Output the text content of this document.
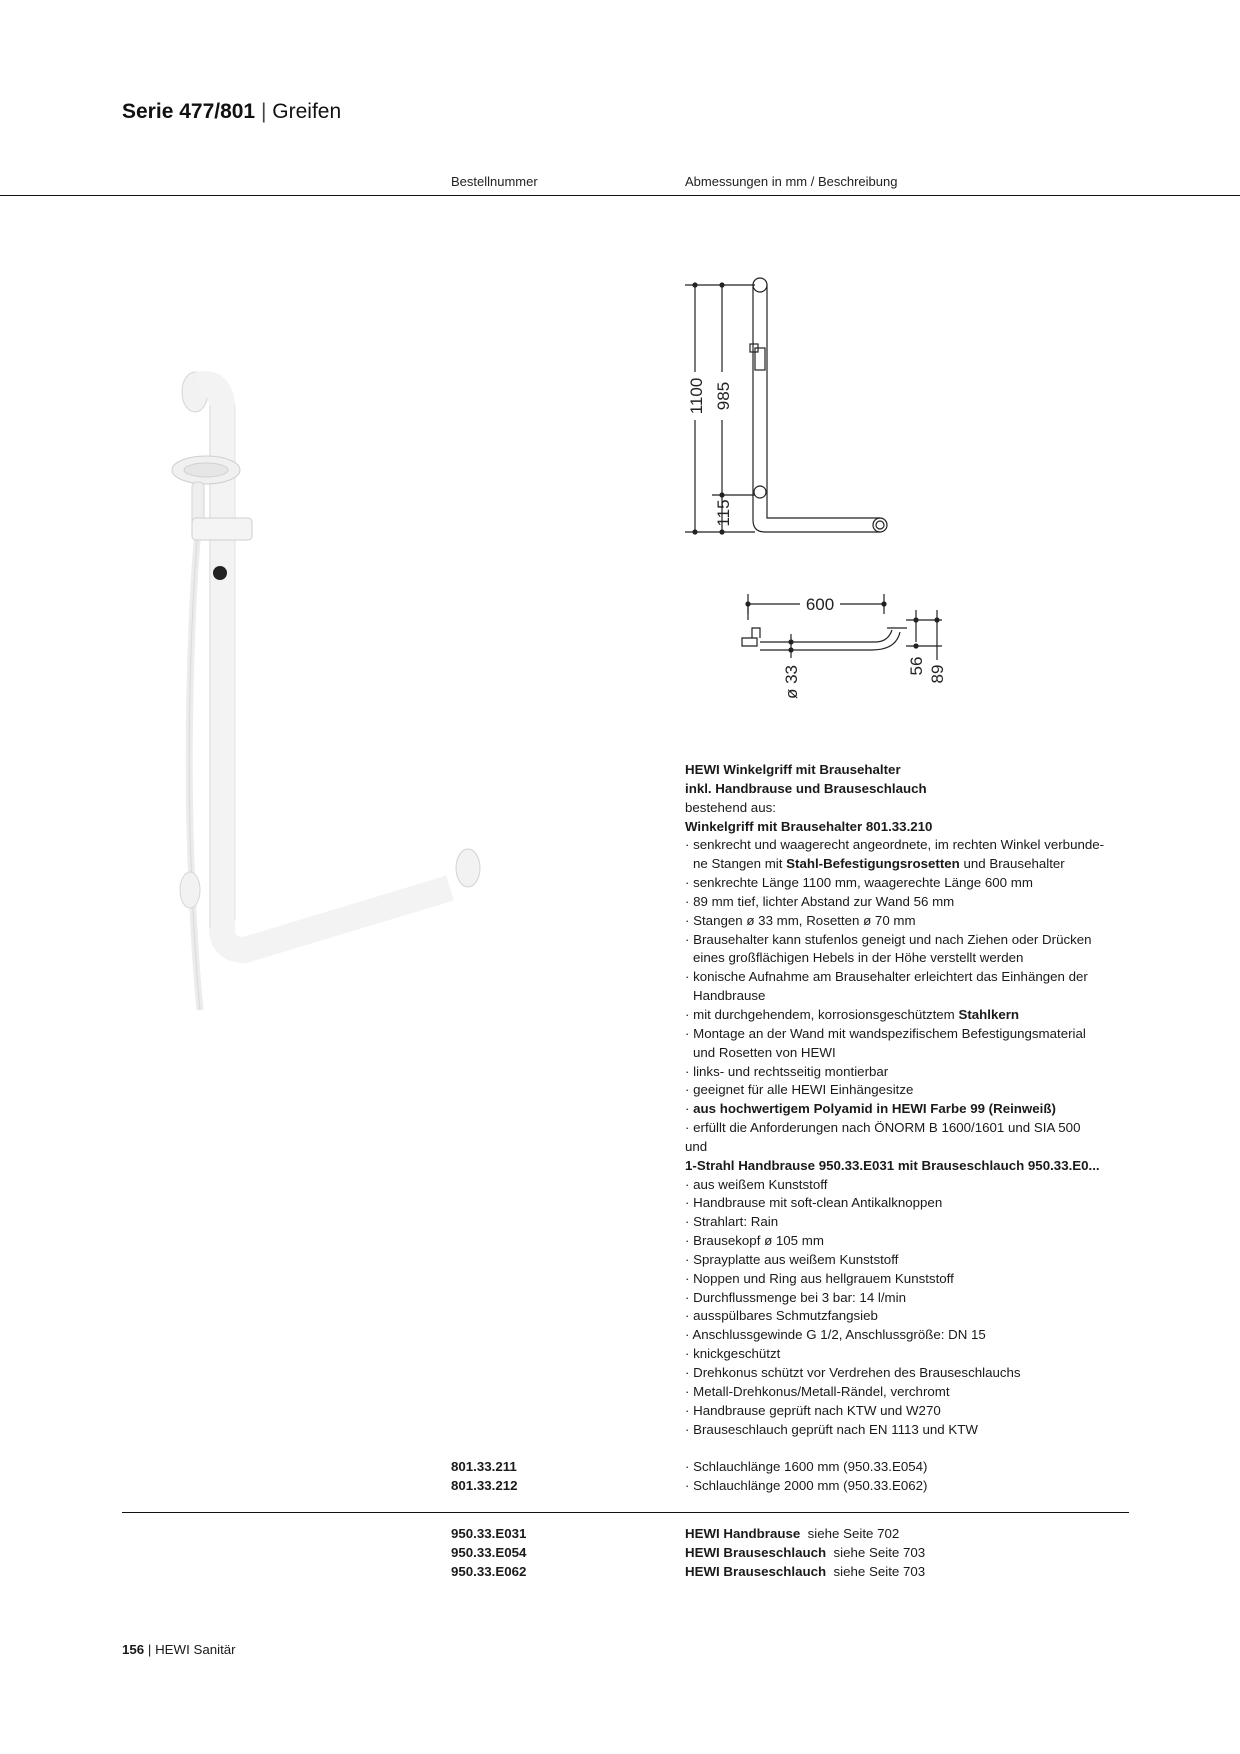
Serie 477/801 | Greifen
Bestellnummer	Abmessungen in mm / Beschreibung
1100 985
115
600
ø 33	56 89
HEWI Winkelgriff mit Brausehalter
inkl. Handbrause und Brauseschlauch
bestehend aus:
Winkelgriff mit Brausehalter 801.33.210
· senkrecht und waagerecht angeordnete, im rechten Winkel verbunde-
ne Stangen mit Stahl-Befestigungsrosetten und Brausehalter
· senkrechte Länge 1100 mm, waagerechte Länge 600 mm
· 89 mm tief, lichter Abstand zur Wand 56 mm
· Stangen ø 33 mm, Rosetten ø 70 mm
· Brausehalter kann stufenlos geneigt und nach Ziehen oder Drücken
eines großflächigen Hebels in der Höhe verstellt werden
· konische Aufnahme am Brausehalter erleichtert das Einhängen der
Handbrause
· mit durchgehendem, korrosionsgeschütztem Stahlkern
· Montage an der Wand mit wandspezifischem Befestigungsmaterial
und Rosetten von HEWI
· links- und rechtsseitig montierbar
· geeignet für alle HEWI Einhängesitze
· aus hochwertigem Polyamid in HEWI Farbe 99 (Reinweiß)
· erfüllt die Anforderungen nach ÖNORM B 1600/1601 und SIA 500
und
1-Strahl Handbrause 950.33.E031 mit Brauseschlauch 950.33.E0...
· aus weißem Kunststoff
· Handbrause mit soft-clean Antikalknoppen
· Strahlart: Rain
· Brausekopf ø 105 mm
· Sprayplatte aus weißem Kunststoff
· Noppen und Ring aus hellgrauem Kunststoff
· Durchflussmenge bei 3 bar: 14 l/min
· ausspülbares Schmutzfangsieb
· Anschlussgewinde G 1/2, Anschlussgröße: DN 15
· knickgeschützt
· Drehkonus schützt vor Verdrehen des Brauseschlauchs
· Metall-Drehkonus/Metall-Rändel, verchromt
· Handbrause geprüft nach KTW und W270
· Brauseschlauch geprüft nach EN 1113 und KTW
801.33.211
801.33.212
· Schlauchlänge 1600 mm (950.33.E054)
· Schlauchlänge 2000 mm (950.33.E062)
950.33.E031
950.33.E054
950.33.E062
HEWI Handbrause siehe Seite 702
HEWI Brauseschlauch siehe Seite 703
HEWI Brauseschlauch siehe Seite 703
156 | HEWI Sanitär
